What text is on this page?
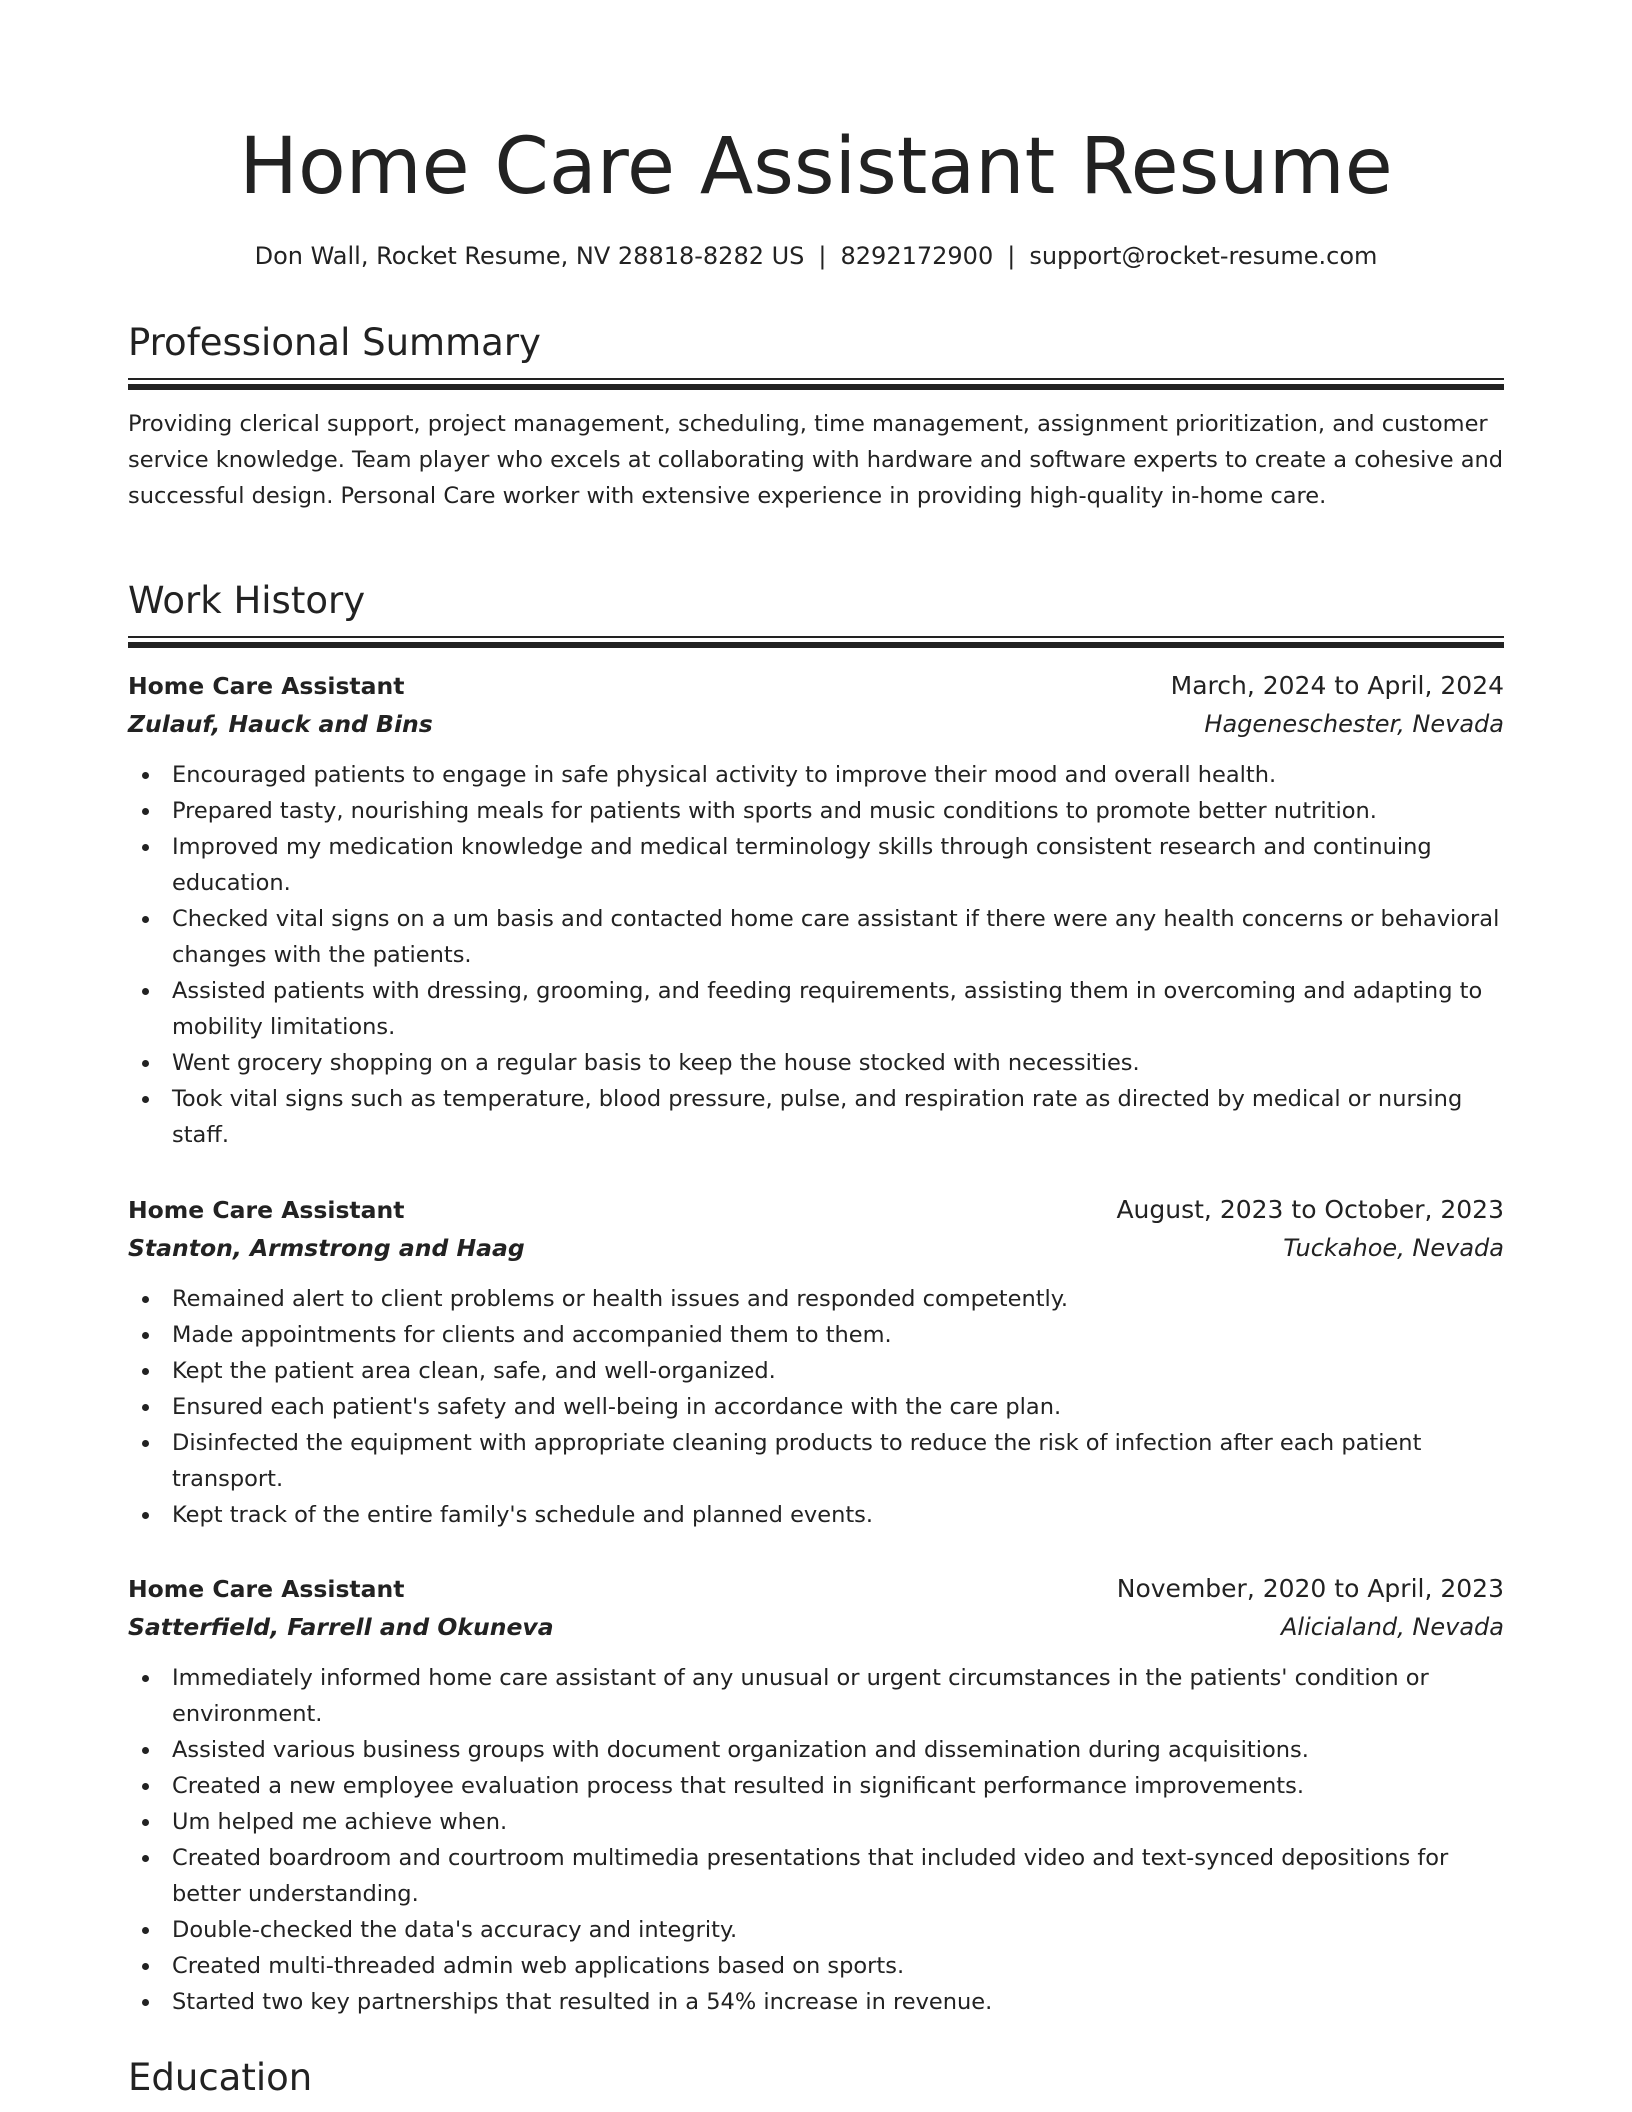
Home Care Assistant Resume
Don Wall, Rocket Resume, NV 28818-8282 US | 8292172900 | support@rocket-resume.com
Professional Summary

Providing clerical support, project management, scheduling, time management, assignment prioritization, and customer service knowledge. Team player who excels at collaborating with hardware and software experts to create a cohesive and successful design. Personal Care worker with extensive experience in providing high-quality in-home care.

Work History
Home Care Assistant	March, 2024 to April, 2024
Zulauf, Hauck and Bins	Hageneschester, Nevada
Encouraged patients to engage in safe physical activity to improve their mood and overall health.
Prepared tasty, nourishing meals for patients with sports and music conditions to promote better nutrition.
Improved my medication knowledge and medical terminology skills through consistent research and continuing education.
Checked vital signs on a um basis and contacted home care assistant if there were any health concerns or behavioral changes with the patients.
Assisted patients with dressing, grooming, and feeding requirements, assisting them in overcoming and adapting to mobility limitations.
Went grocery shopping on a regular basis to keep the house stocked with necessities.
Took vital signs such as temperature, blood pressure, pulse, and respiration rate as directed by medical or nursing staff.
Home Care Assistant	August, 2023 to October, 2023
Stanton, Armstrong and Haag	Tuckahoe, Nevada
Remained alert to client problems or health issues and responded competently.
Made appointments for clients and accompanied them to them.
Kept the patient area clean, safe, and well-organized.
Ensured each patient's safety and well-being in accordance with the care plan.
Disinfected the equipment with appropriate cleaning products to reduce the risk of infection after each patient transport.
Kept track of the entire family's schedule and planned events.
Home Care Assistant	November, 2020 to April, 2023
Satterfield, Farrell and Okuneva	Alicialand, Nevada
Immediately informed home care assistant of any unusual or urgent circumstances in the patients' condition or environment.
Assisted various business groups with document organization and dissemination during acquisitions.
Created a new employee evaluation process that resulted in significant performance improvements.
Um helped me achieve when.
Created boardroom and courtroom multimedia presentations that included video and text-synced depositions for better understanding.
Double-checked the data's accuracy and integrity.
Created multi-threaded admin web applications based on sports.
Started two key partnerships that resulted in a 54% increase in revenue.
Education
